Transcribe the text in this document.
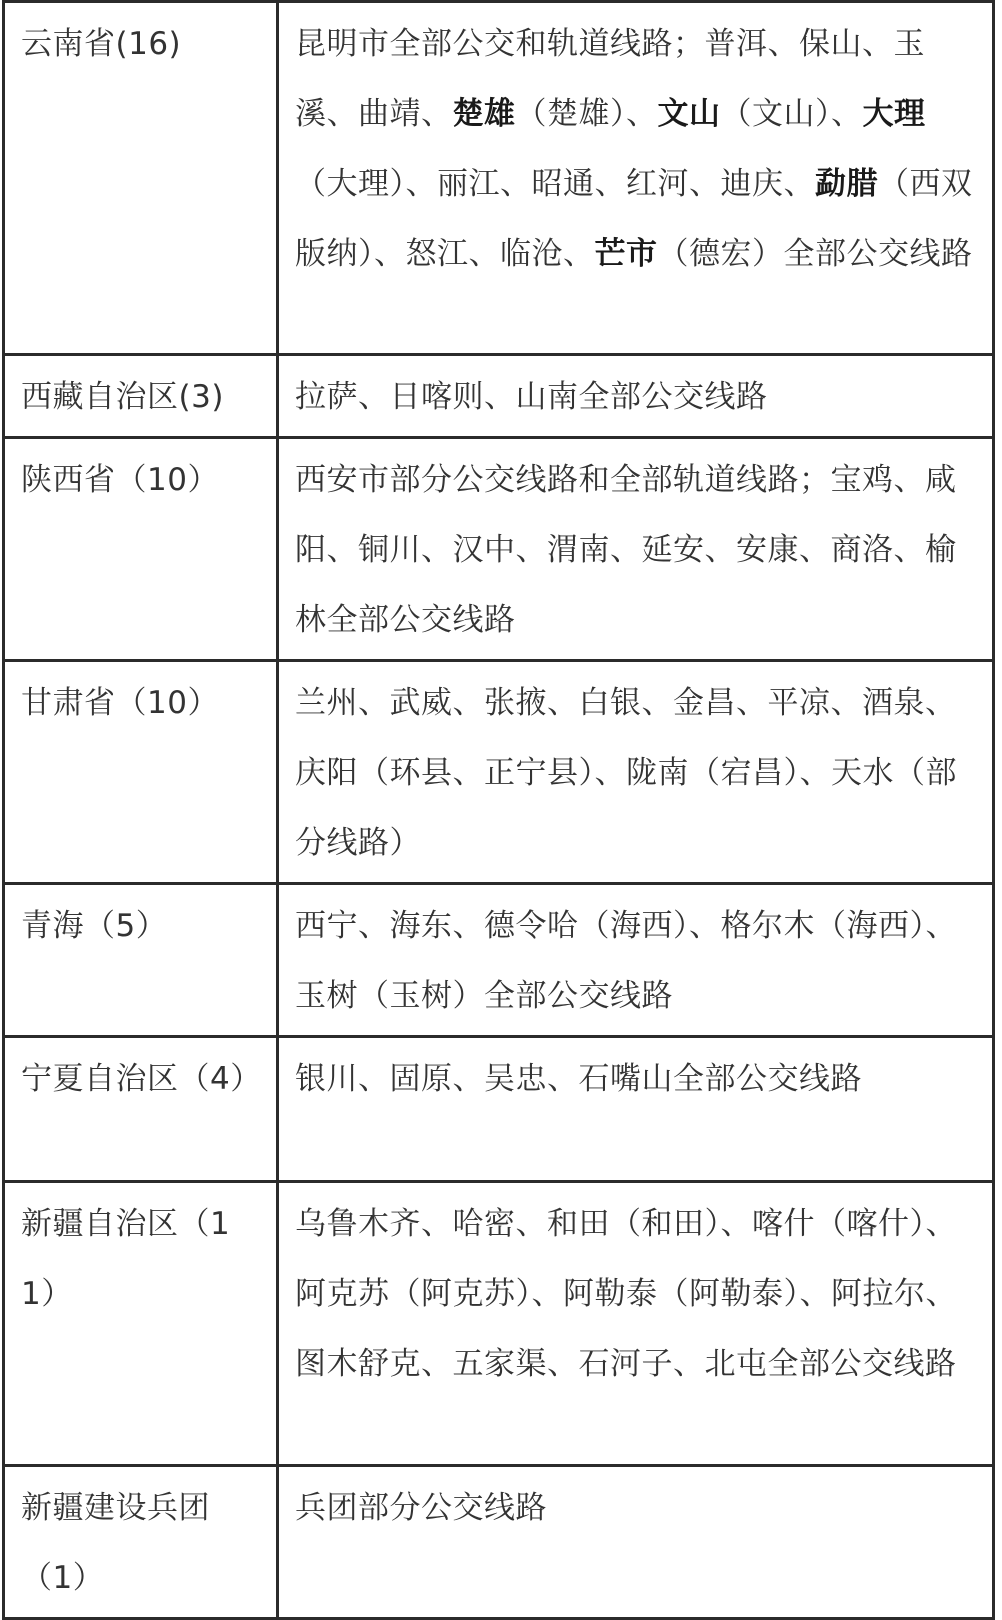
云南省(16)	昆明市全部公交和轨道线路；普洱、保山、玉溪、曲靖、楚雄（楚雄）、文山（文山）、大理（大理）、丽江、昭通、红河、迪庆、勐腊（西双版纳）、怒江、临沧、芒市（德宏）全部公交线路
西藏自治区(3)	拉萨、日喀则、山南全部公交线路
陕西省（10）	西安市部分公交线路和全部轨道线路；宝鸡、咸阳、铜川、汉中、渭南、延安、安康、商洛、榆林全部公交线路
甘肃省（10）	兰州、武威、张掖、白银、金昌、平凉、酒泉、庆阳（环县、正宁县）、陇南（宕昌）、天水（部分线路）
青海（5）	西宁、海东、德令哈（海西）、格尔木（海西）、玉树（玉树）全部公交线路
宁夏自治区（4）	银川、固原、吴忠、石嘴山全部公交线路
新疆自治区（11）	乌鲁木齐、哈密、和田（和田）、喀什（喀什）、阿克苏（阿克苏）、阿勒泰（阿勒泰）、阿拉尔、图木舒克、五家渠、石河子、北屯全部公交线路
新疆建设兵团（1）	兵团部分公交线路
